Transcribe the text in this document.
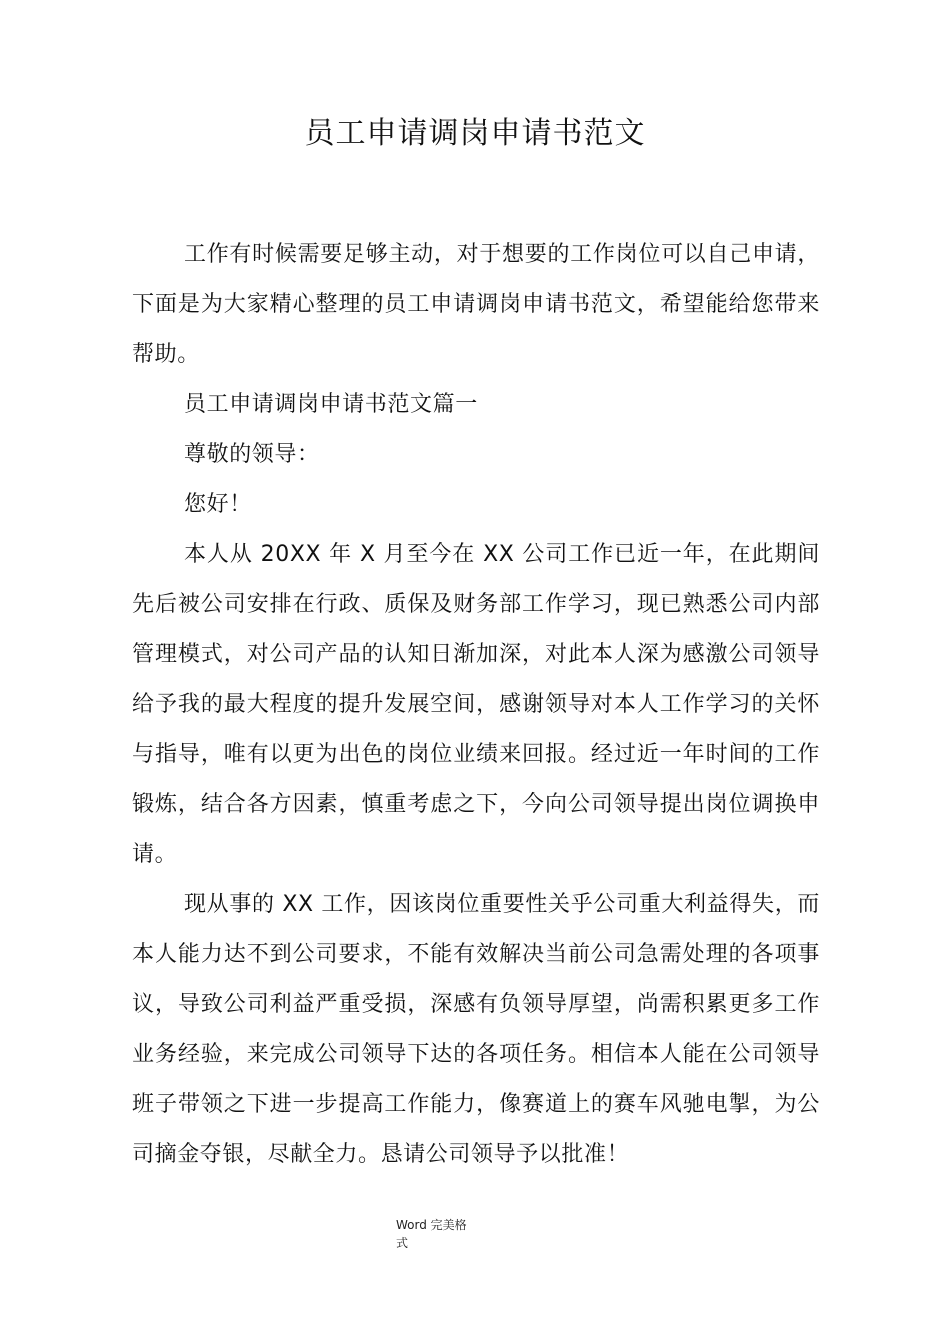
员工申请调岗申请书范文

工作有时候需要足够主动，对于想要的工作岗位可以自己申请，下面是为大家精心整理的员工申请调岗申请书范文，希望能给您带来帮助。

员工申请调岗申请书范文篇一

尊敬的领导：

您好！

本人从 20XX 年 X 月至今在 XX 公司工作已近一年，在此期间先后被公司安排在行政、质保及财务部工作学习，现已熟悉公司内部管理模式，对公司产品的认知日渐加深，对此本人深为感激公司领导给予我的最大程度的提升发展空间，感谢领导对本人工作学习的关怀与指导，唯有以更为出色的岗位业绩来回报。经过近一年时间的工作锻炼，结合各方因素，慎重考虑之下，今向公司领导提出岗位调换申请。

现从事的 XX 工作，因该岗位重要性关乎公司重大利益得失，而本人能力达不到公司要求，不能有效解决当前公司急需处理的各项事议，导致公司利益严重受损，深感有负领导厚望，尚需积累更多工作业务经验，来完成公司领导下达的各项任务。相信本人能在公司领导班子带领之下进一步提高工作能力，像赛道上的赛车风驰电掣，为公司摘金夺银，尽献全力。恳请公司领导予以批准！

Word 完美格式
